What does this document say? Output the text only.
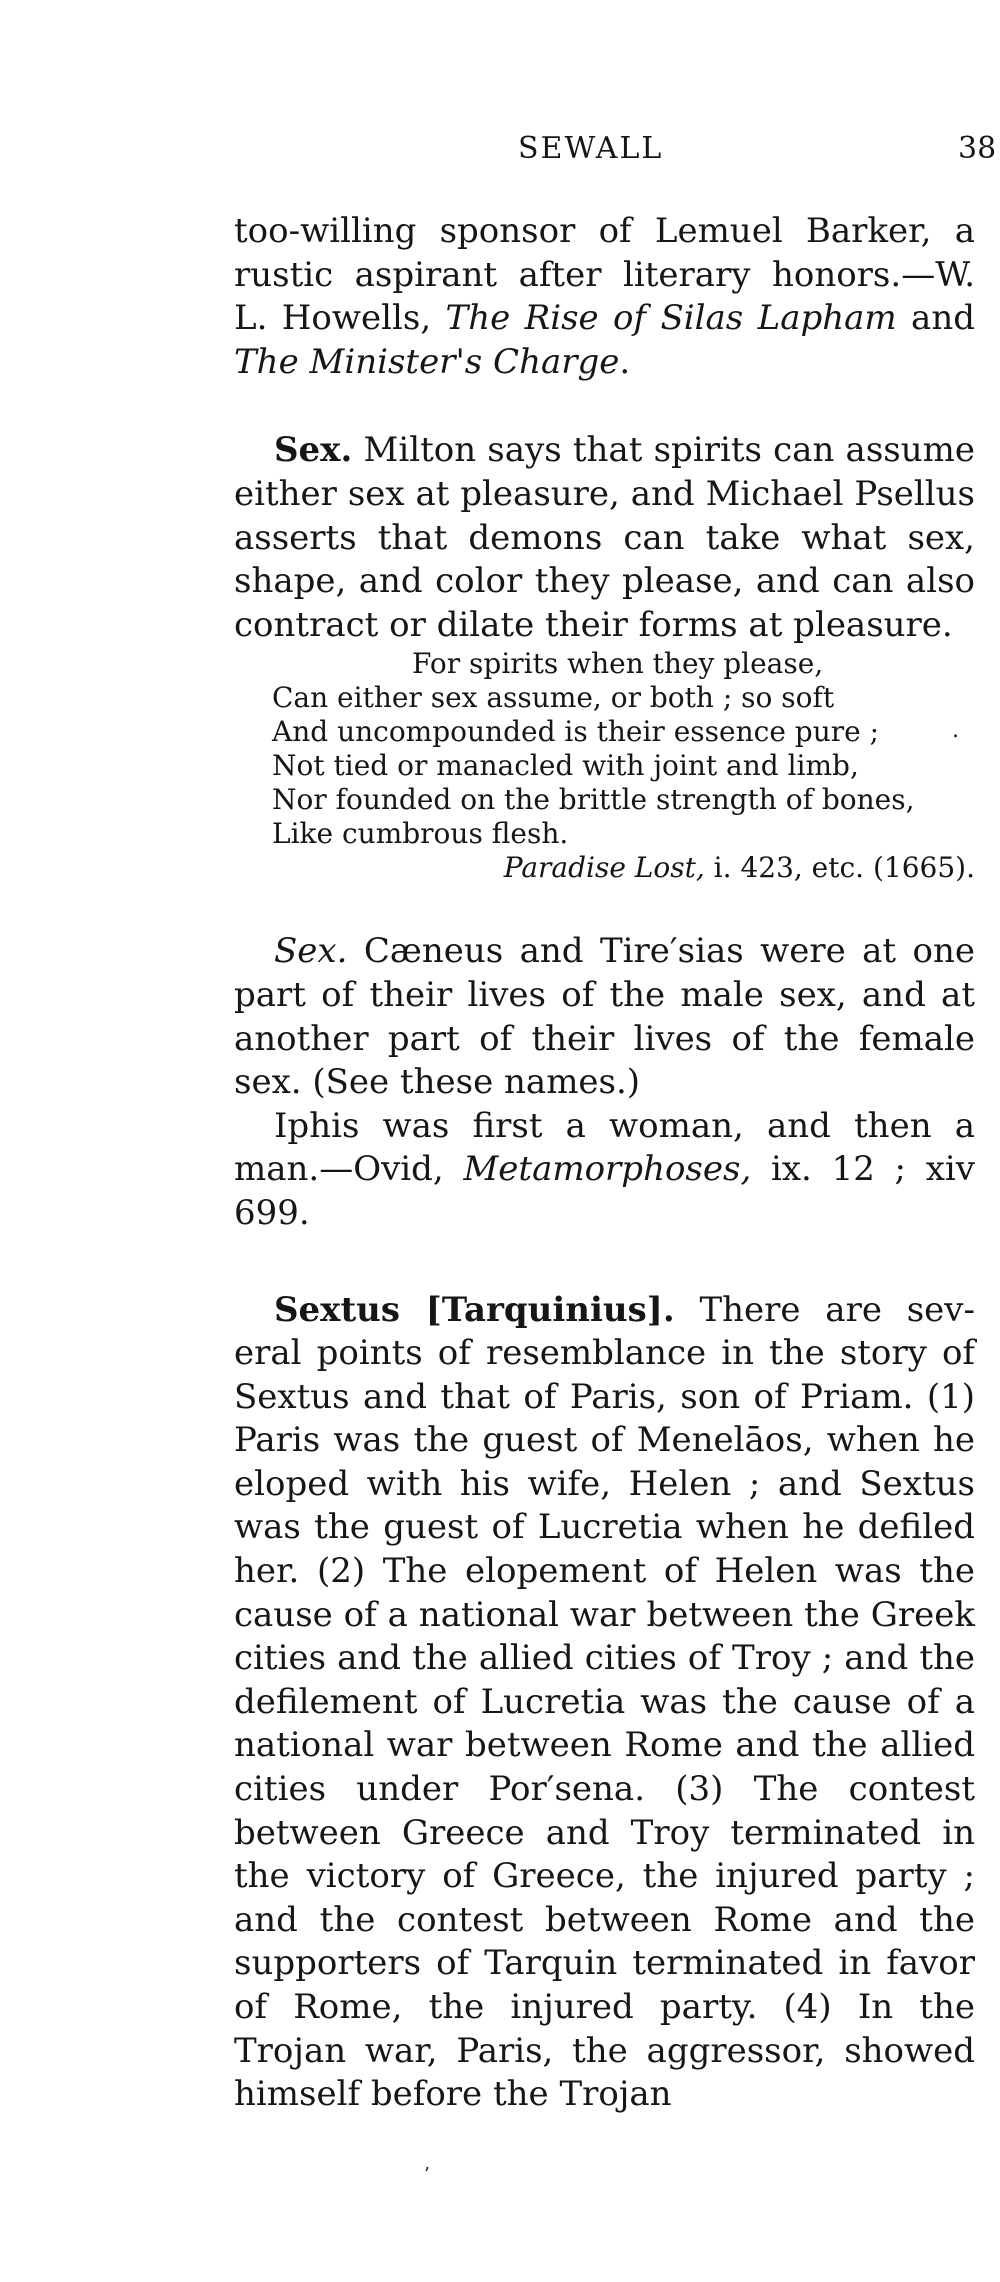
SEWALL	38

too-willing sponsor of Lemuel Barker, a rustic aspirant after literary honors.—W. L. Howells, The Rise of Silas Lapham and The Minister's Charge.

Sex. Milton says that spirits can assume either sex at pleasure, and Michael Psellus asserts that demons can take what sex, shape, and color they please, and can also contract or dilate their forms at pleasure.

For spirits when they please,
Can either sex assume, or both ; so soft
And uncompounded is their essence pure ;
Not tied or manacled with joint and limb,
Nor founded on the brittle strength of bones,
Like cumbrous flesh.
Paradise Lost, i. 423, etc. (1665).

Sex. Cæneus and Tire′sias were at one part of their lives of the male sex, and at another part of their lives of the female sex. (See these names.)

Iphis was first a woman, and then a man.—Ovid, Metamorphoses, ix. 12 ; xiv 699.

Sextus [Tarquinius]. There are several points of resemblance in the story of Sextus and that of Paris, son of Priam. (1) Paris was the guest of Menelāos, when he eloped with his wife, Helen ; and Sextus was the guest of Lucretia when he defiled her. (2) The elopement of Helen was the cause of a national war between the Greek cities and the allied cities of Troy ; and the defilement of Lucretia was the cause of a national war between Rome and the allied cities under Por′sena. (3) The contest between Greece and Troy terminated in the victory of Greece, the injured party ; and the contest between Rome and the supporters of Tarquin terminated in favor of Rome, the injured party. (4) In the Trojan war, Paris, the aggressor, showed himself before the Trojan

.
’
